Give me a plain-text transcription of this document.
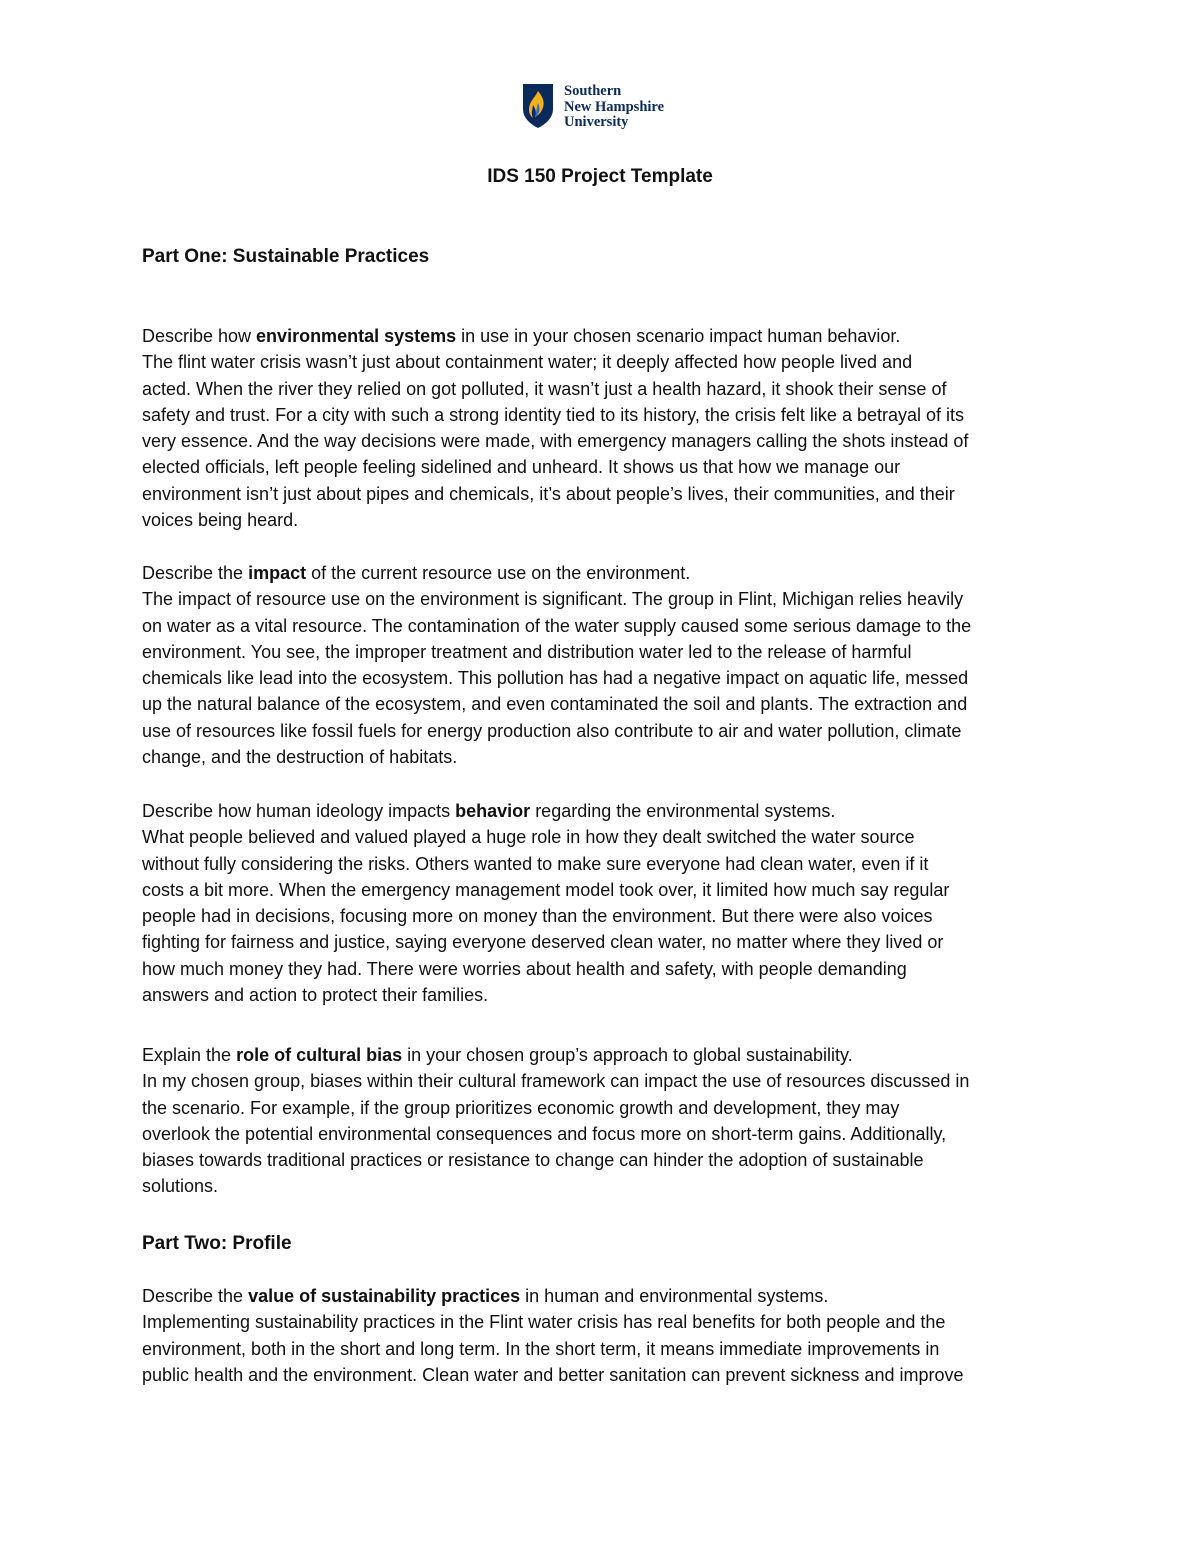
Southern
New Hampshire
University
IDS 150 Project Template
Part One: Sustainable Practices
Describe how environmental systems in use in your chosen scenario impact human behavior.
The flint water crisis wasn’t just about containment water; it deeply affected how people lived and
acted. When the river they relied on got polluted, it wasn’t just a health hazard, it shook their sense of
safety and trust. For a city with such a strong identity tied to its history, the crisis felt like a betrayal of its
very essence. And the way decisions were made, with emergency managers calling the shots instead of
elected officials, left people feeling sidelined and unheard. It shows us that how we manage our
environment isn’t just about pipes and chemicals, it’s about people’s lives, their communities, and their
voices being heard.
Describe the impact of the current resource use on the environment.
The impact of resource use on the environment is significant. The group in Flint, Michigan relies heavily
on water as a vital resource. The contamination of the water supply caused some serious damage to the
environment. You see, the improper treatment and distribution water led to the release of harmful
chemicals like lead into the ecosystem. This pollution has had a negative impact on aquatic life, messed
up the natural balance of the ecosystem, and even contaminated the soil and plants. The extraction and
use of resources like fossil fuels for energy production also contribute to air and water pollution, climate
change, and the destruction of habitats.
Describe how human ideology impacts behavior regarding the environmental systems.
What people believed and valued played a huge role in how they dealt switched the water source
without fully considering the risks. Others wanted to make sure everyone had clean water, even if it
costs a bit more. When the emergency management model took over, it limited how much say regular
people had in decisions, focusing more on money than the environment. But there were also voices
fighting for fairness and justice, saying everyone deserved clean water, no matter where they lived or
how much money they had. There were worries about health and safety, with people demanding
answers and action to protect their families.
Explain the role of cultural bias in your chosen group’s approach to global sustainability.
In my chosen group, biases within their cultural framework can impact the use of resources discussed in
the scenario. For example, if the group prioritizes economic growth and development, they may
overlook the potential environmental consequences and focus more on short-term gains. Additionally,
biases towards traditional practices or resistance to change can hinder the adoption of sustainable
solutions.
Part Two: Profile
Describe the value of sustainability practices in human and environmental systems.
Implementing sustainability practices in the Flint water crisis has real benefits for both people and the
environment, both in the short and long term. In the short term, it means immediate improvements in
public health and the environment. Clean water and better sanitation can prevent sickness and improve
